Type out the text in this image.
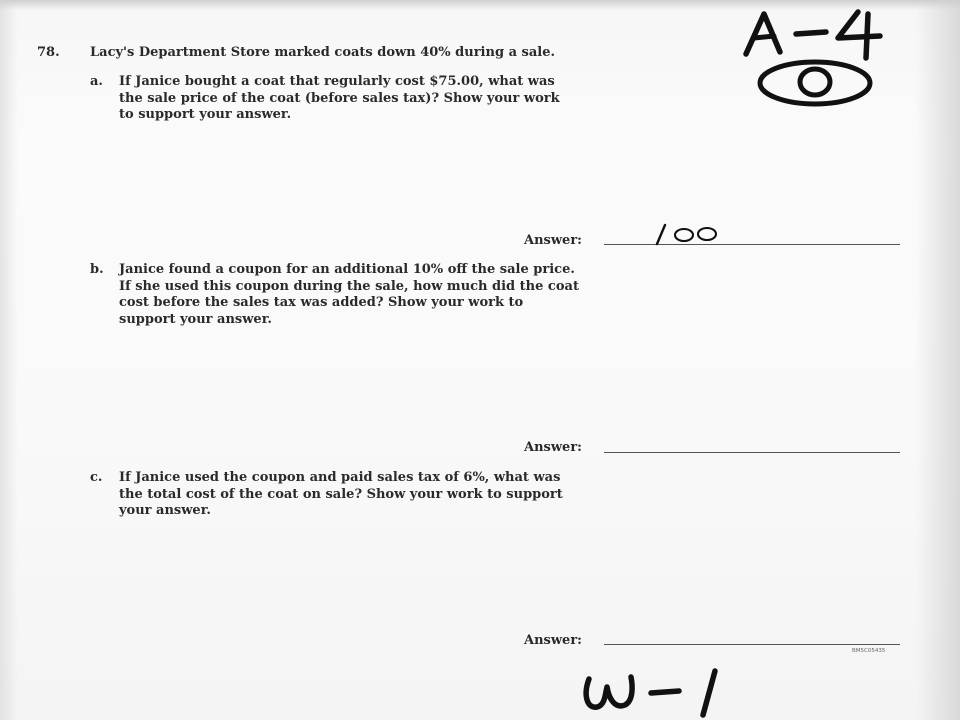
78. Lacy's Department Store marked coats down 40% during a sale.
a. If Janice bought a coat that regularly cost $75.00, what was
the sale price of the coat (before sales tax)? Show your work
to support your answer.
Answer:
b. Janice found a coupon for an additional 10% off the sale price.
If she used this coupon during the sale, how much did the coat
cost before the sales tax was added? Show your work to
support your answer.
Answer:
c. If Janice used the coupon and paid sales tax of 6%, what was
the total cost of the coat on sale? Show your work to support
your answer.
Answer:
BM5C05435
